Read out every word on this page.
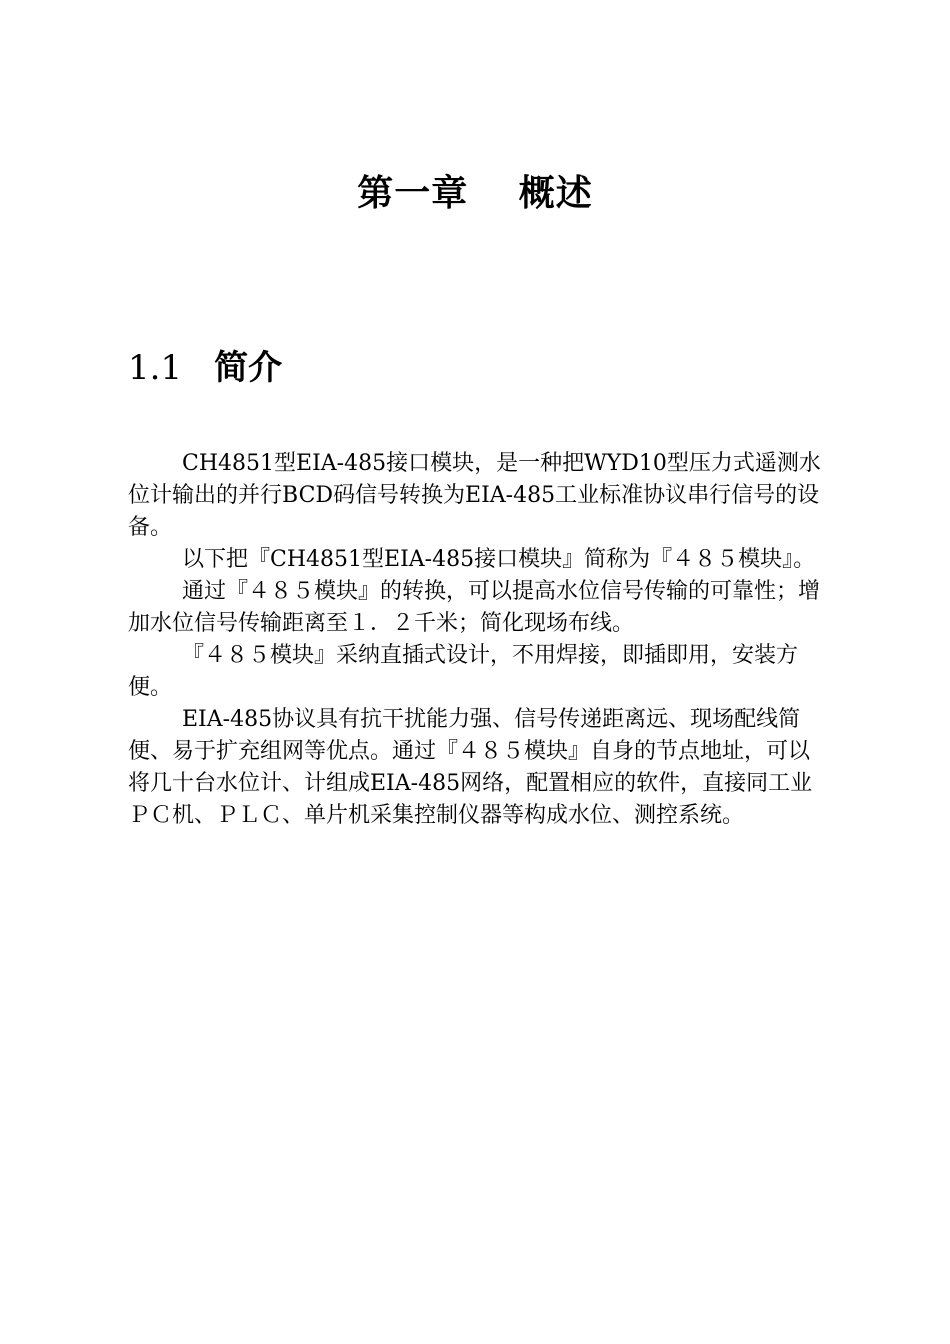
第一章　 概述
1.1 简介

CH4851型EIA-485接口模块，是一种把WYD10型压力式遥测水位计输出的并行BCD码信号转换为EIA-485工业标准协议串行信号的设备。

以下把『CH4851型EIA-485接口模块』简称为『４８５模块』。

通过『４８５模块』的转换，可以提高水位信号传输的可靠性；增加水位信号传输距离至１．２千米；简化现场布线。

『４８５模块』采纳直插式设计，不用焊接，即插即用，安装方便。

EIA-485协议具有抗干扰能力强、信号传递距离远、现场配线简便、易于扩充组网等优点。通过『４８５模块』自身的节点地址，可以将几十台水位计、计组成EIA-485网络，配置相应的软件，直接同工业ＰＣ机、ＰＬＣ、单片机采集控制仪器等构成水位、测控系统。
